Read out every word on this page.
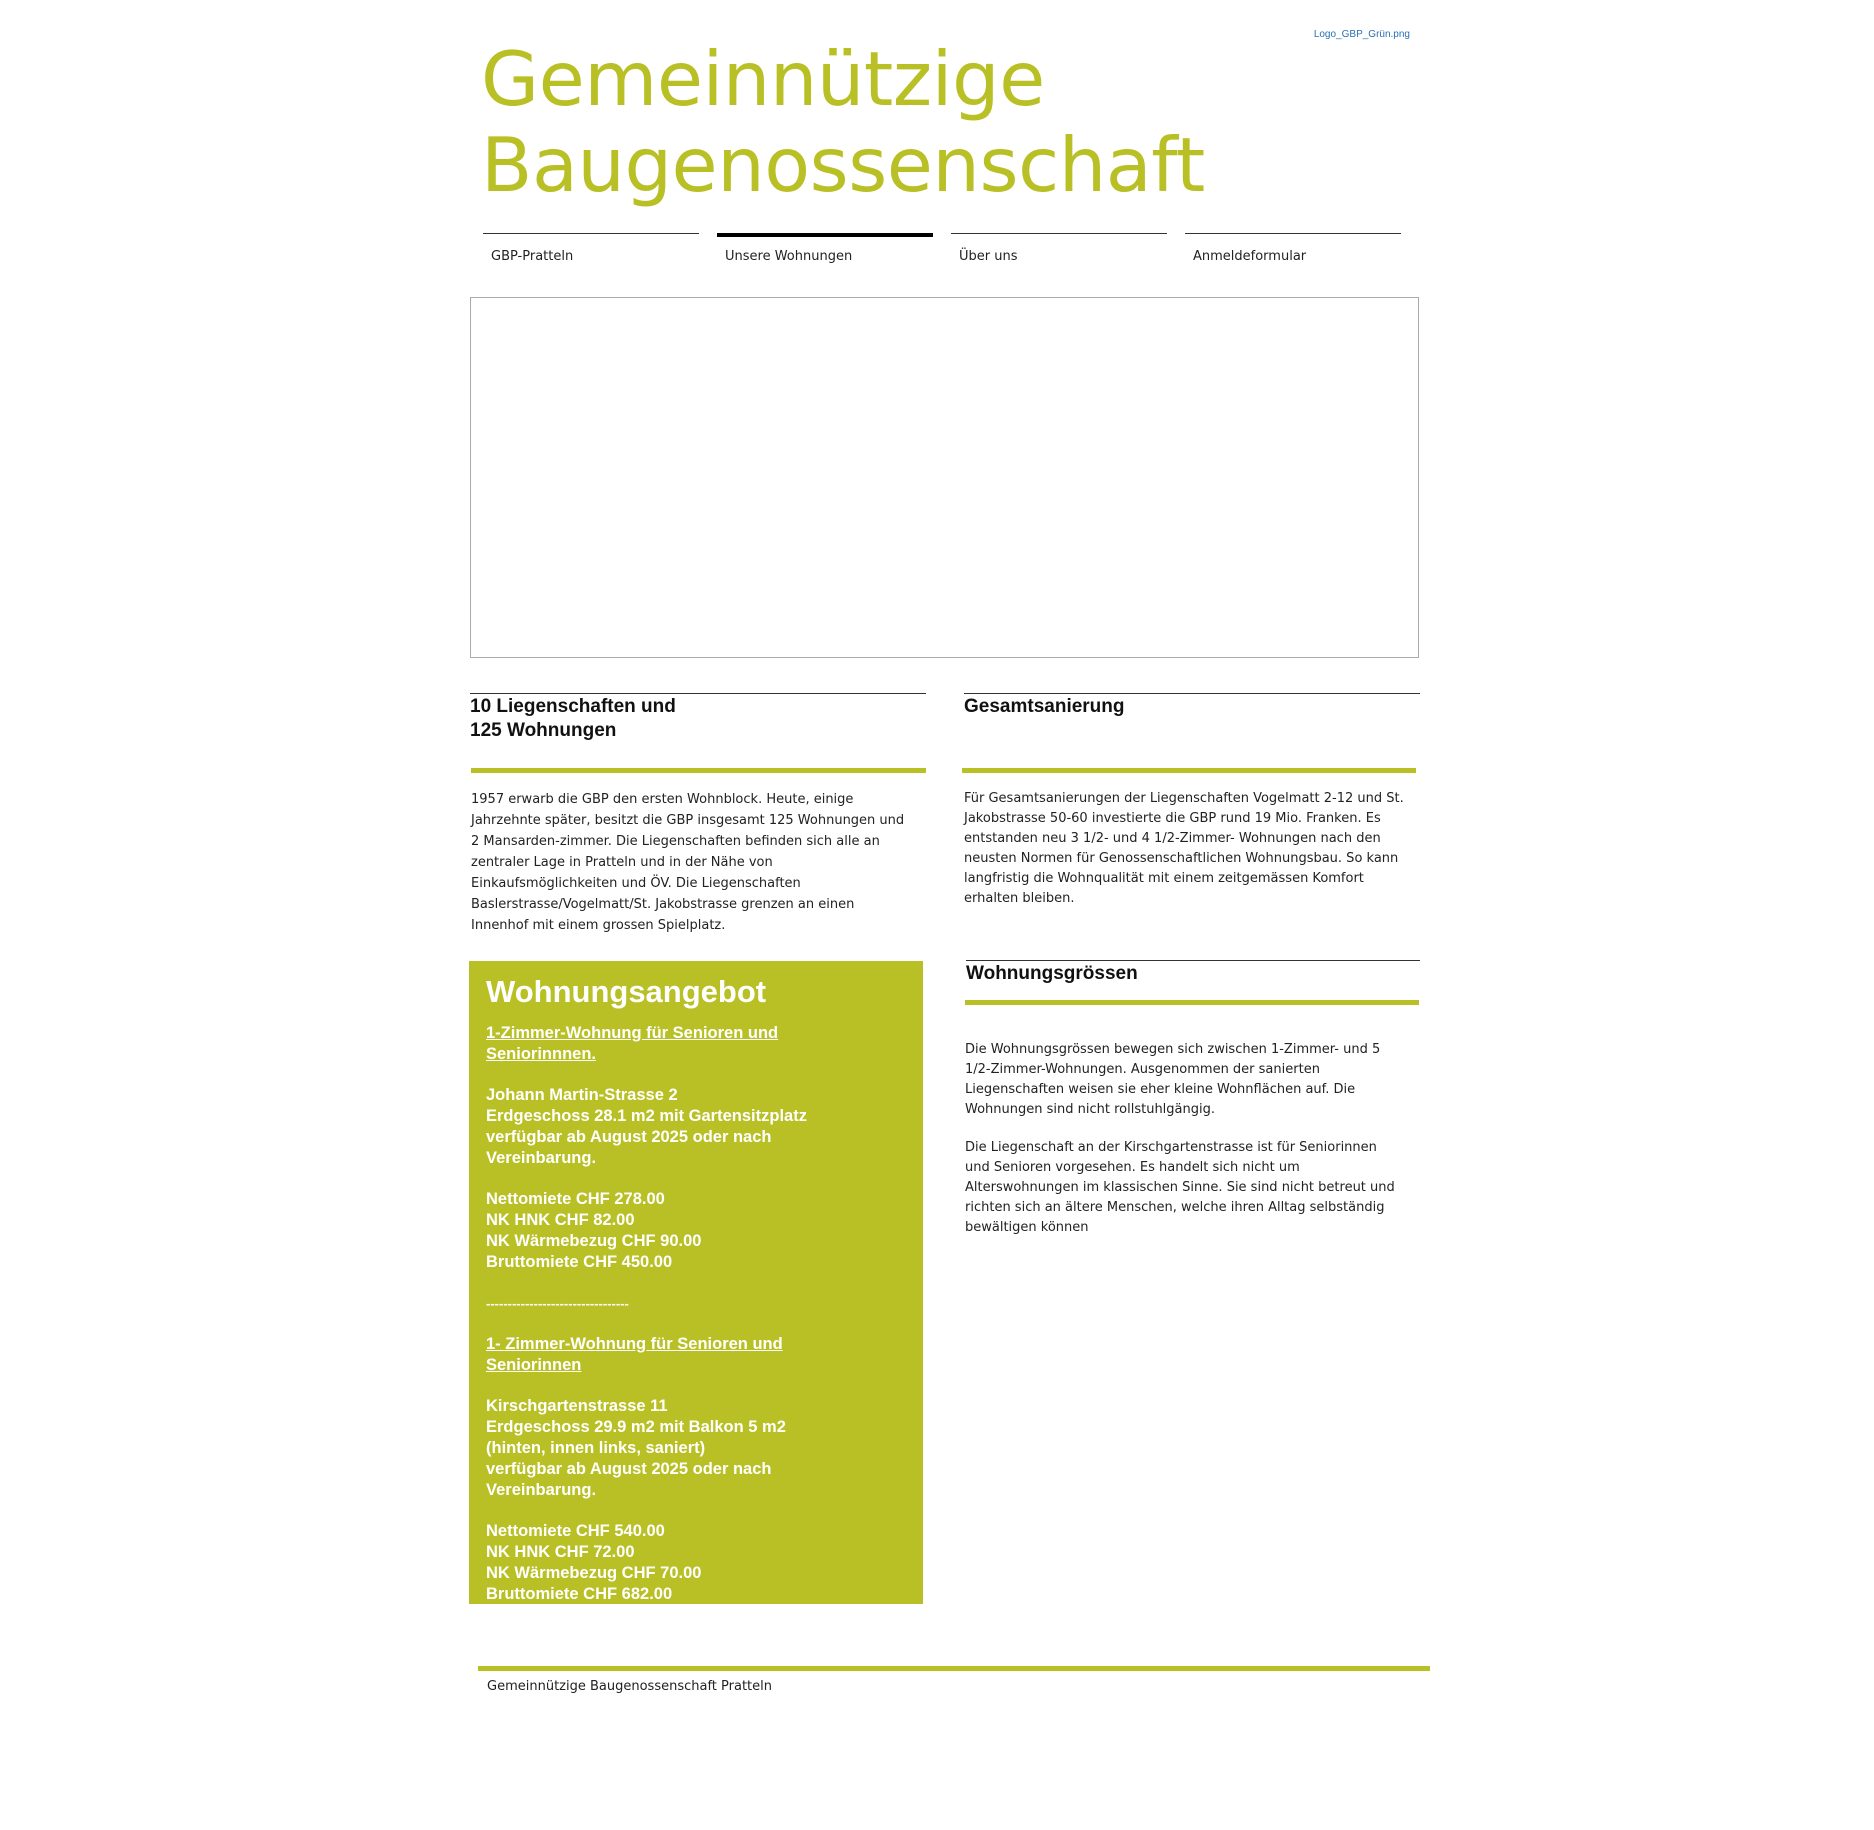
Gemeinnützige
Baugenossenschaft
Logo_GBP_Grün.png
GBP-Pratteln	Unsere Wohnungen	Über uns	Anmeldeformular
10 Liegenschaften und
125 Wohnungen

1957 erwarb die GBP den ersten Wohnblock. Heute, einige Jahrzehnte später, besitzt die GBP insgesamt 125 Wohnungen und 2 Mansarden-zimmer. Die Liegenschaften befinden sich alle an zentraler Lage in Pratteln und in der Nähe von Einkaufsmöglichkeiten und ÖV. Die Liegenschaften Baslerstrasse/Vogelmatt/St. Jakobstrasse grenzen an einen Innenhof mit einem grossen Spielplatz.

Gesamtsanierung

Für Gesamtsanierungen der Liegenschaften Vogelmatt 2-12 und St. Jakobstrasse 50-60 investierte die GBP rund 19 Mio. Franken. Es entstanden neu 3 1/2- und 4 1/2-Zimmer- Wohnungen nach den neusten Normen für Genossenschaftlichen Wohnungsbau. So kann langfristig die Wohnqualität mit einem zeitgemässen Komfort erhalten bleiben.

Wohnungsangebot
1-Zimmer-Wohnung für Senioren und
Seniorinnnen.
Johann Martin-Strasse 2
Erdgeschoss 28.1 m2 mit Gartensitzplatz
verfügbar ab August 2025 oder nach
Vereinbarung.
Nettomiete CHF 278.00
NK HNK CHF 82.00
NK Wärmebezug CHF 90.00
Bruttomiete CHF 450.00
---------------------------------
1- Zimmer-Wohnung für Senioren und
Seniorinnen
Kirschgartenstrasse 11
Erdgeschoss 29.9 m2 mit Balkon 5 m2
(hinten, innen links, saniert)
verfügbar ab August 2025 oder nach
Vereinbarung.
Nettomiete CHF 540.00
NK HNK CHF 72.00
NK Wärmebezug CHF 70.00
Bruttomiete CHF 682.00
Wohnungsgrössen

Die Wohnungsgrössen bewegen sich zwischen 1-Zimmer- und 5 1/2-Zimmer-Wohnungen. Ausgenommen der sanierten Liegenschaften weisen sie eher kleine Wohnflächen auf. Die Wohnungen sind nicht rollstuhlgängig.

Die Liegenschaft an der Kirschgartenstrasse ist für Seniorinnen und Senioren vorgesehen. Es handelt sich nicht um Alterswohnungen im klassischen Sinne. Sie sind nicht betreut und richten sich an ältere Menschen, welche ihren Alltag selbständig bewältigen können

Gemeinnützige Baugenossenschaft Pratteln
